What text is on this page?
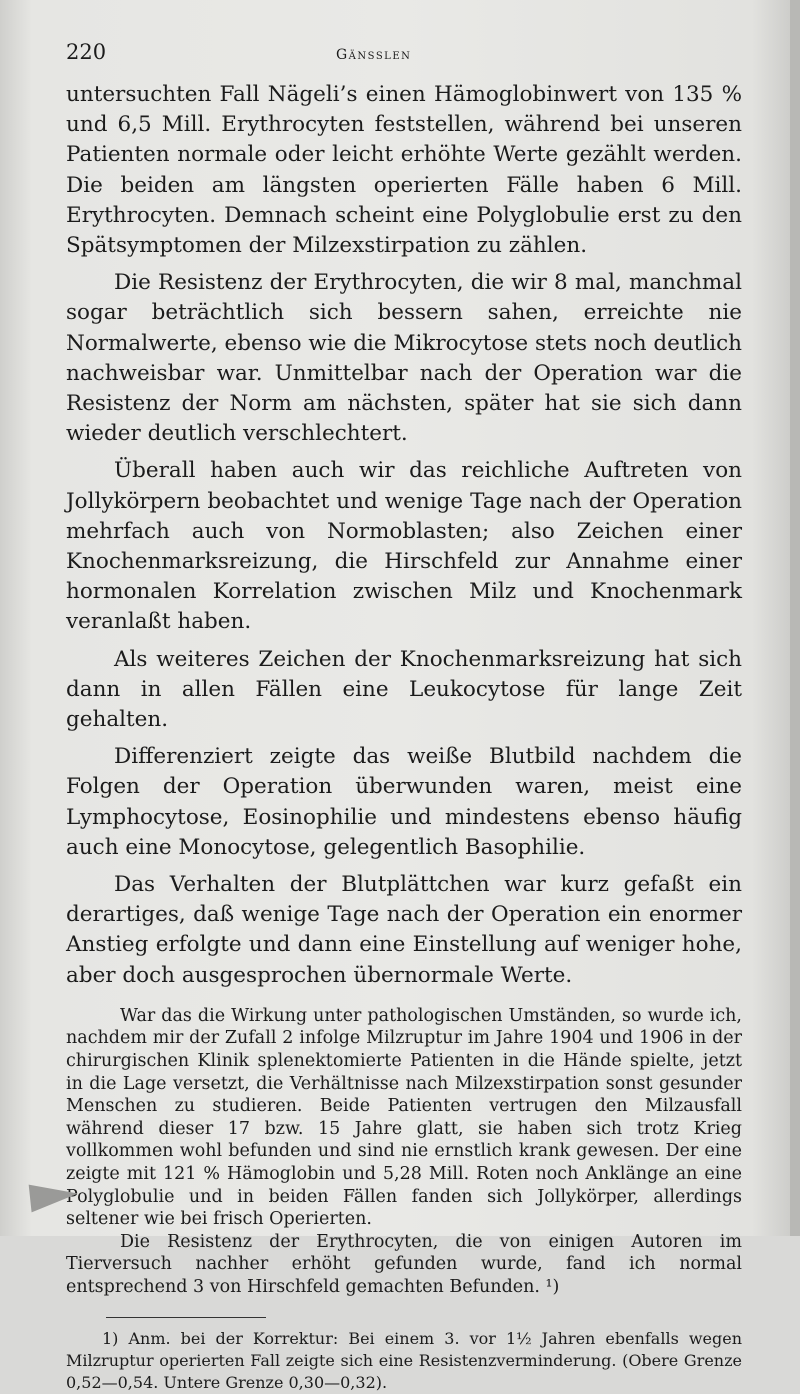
220	Gänsslen

untersuchten Fall Nägeli’s einen Hämoglobinwert von 135 % und 6,5 Mill. Erythrocyten feststellen, während bei unseren Patienten normale oder leicht erhöhte Werte gezählt werden. Die beiden am längsten operierten Fälle haben 6 Mill. Erythrocyten. Demnach scheint eine Polyglobulie erst zu den Spätsymptomen der Milzexstirpation zu zählen.

Die Resistenz der Erythrocyten, die wir 8 mal, manchmal sogar beträchtlich sich bessern sahen, erreichte nie Normalwerte, ebenso wie die Mikrocytose stets noch deutlich nachweisbar war. Unmittelbar nach der Operation war die Resistenz der Norm am nächsten, später hat sie sich dann wieder deutlich verschlechtert.

Überall haben auch wir das reichliche Auftreten von Jollykörpern beobachtet und wenige Tage nach der Operation mehrfach auch von Normoblasten; also Zeichen einer Knochenmarksreizung, die Hirschfeld zur Annahme einer hormonalen Korrelation zwischen Milz und Knochenmark veranlaßt haben.

Als weiteres Zeichen der Knochenmarksreizung hat sich dann in allen Fällen eine Leukocytose für lange Zeit gehalten.

Differenziert zeigte das weiße Blutbild nachdem die Folgen der Operation überwunden waren, meist eine Lymphocytose, Eosinophilie und mindestens ebenso häufig auch eine Monocytose, gelegentlich Basophilie.

Das Verhalten der Blutplättchen war kurz gefaßt ein derartiges, daß wenige Tage nach der Operation ein enormer Anstieg erfolgte und dann eine Einstellung auf weniger hohe, aber doch ausgesprochen übernormale Werte.

War das die Wirkung unter pathologischen Umständen, so wurde ich, nachdem mir der Zufall 2 infolge Milzruptur im Jahre 1904 und 1906 in der chirurgischen Klinik splenektomierte Patienten in die Hände spielte, jetzt in die Lage versetzt, die Verhältnisse nach Milzexstirpation sonst gesunder Menschen zu studieren. Beide Patienten vertrugen den Milzausfall während dieser 17 bzw. 15 Jahre glatt, sie haben sich trotz Krieg vollkommen wohl befunden und sind nie ernstlich krank gewesen. Der eine zeigte mit 121 % Hämoglobin und 5,28 Mill. Roten noch Anklänge an eine Polyglobulie und in beiden Fällen fanden sich Jollykörper, allerdings seltener wie bei frisch Operierten.

Die Resistenz der Erythrocyten, die von einigen Autoren im Tierversuch nachher erhöht gefunden wurde, fand ich normal entsprechend 3 von Hirschfeld gemachten Befunden. ¹)

1) Anm. bei der Korrektur: Bei einem 3. vor 1½ Jahren ebenfalls wegen Milzruptur operierten Fall zeigte sich eine Resistenzverminderung. (Obere Grenze 0,52—0,54. Untere Grenze 0,30—0,32).
